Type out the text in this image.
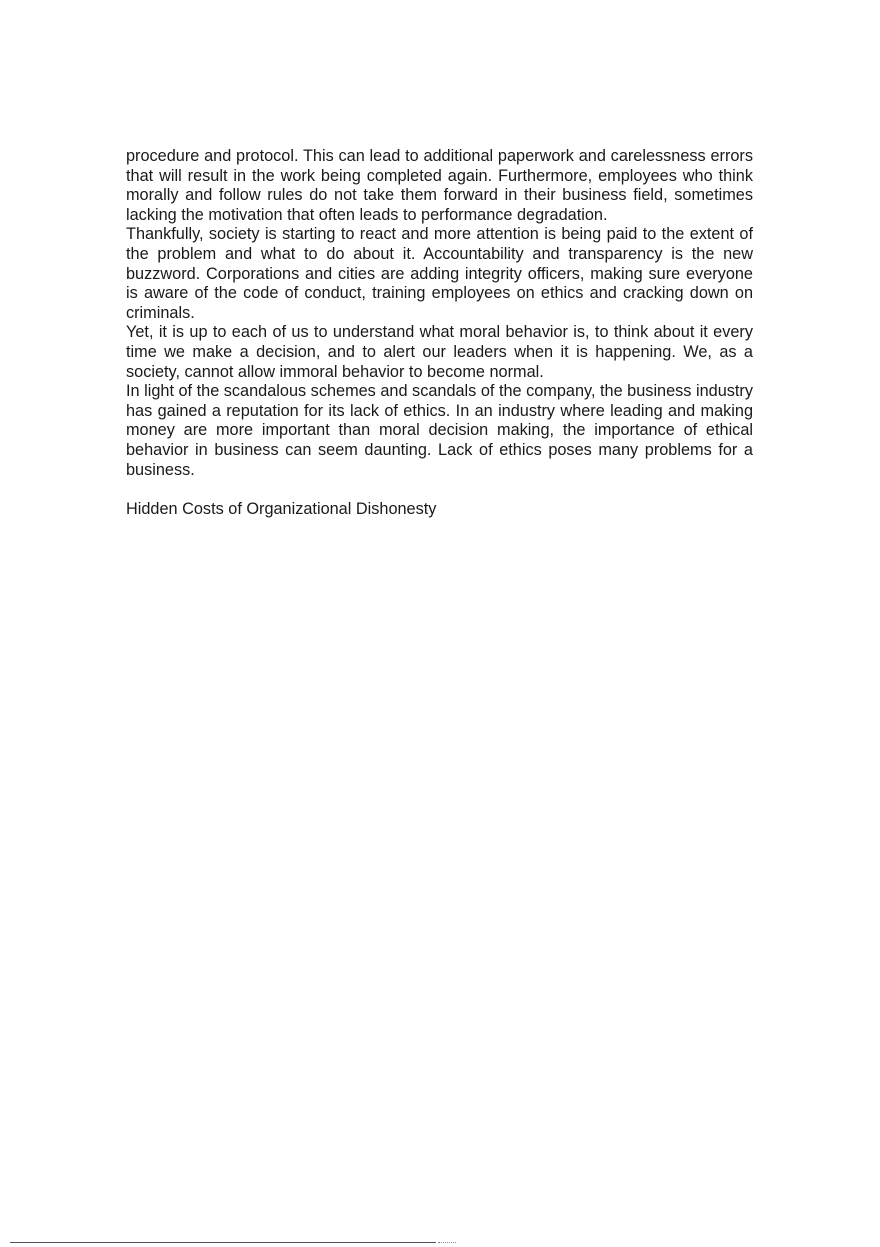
procedure and protocol. This can lead to additional paperwork and carelessness errors that will result in the work being completed again. Furthermore, employees who think morally and follow rules do not take them forward in their business field, sometimes lacking the motivation that often leads to performance degradation.

Thankfully, society is starting to react and more attention is being paid to the extent of the problem and what to do about it. Accountability and transparency is the new buzzword. Corporations and cities are adding integrity officers, making sure everyone is aware of the code of conduct, training employees on ethics and cracking down on criminals.

Yet, it is up to each of us to understand what moral behavior is, to think about it every time we make a decision, and to alert our leaders when it is happening. We, as a society, cannot allow immoral behavior to become normal.

In light of the scandalous schemes and scandals of the company, the business industry has gained a reputation for its lack of ethics. In an industry where leading and making money are more important than moral decision making, the importance of ethical behavior in business can seem daunting. Lack of ethics poses many problems for a business.

Hidden Costs of Organizational Dishonesty
